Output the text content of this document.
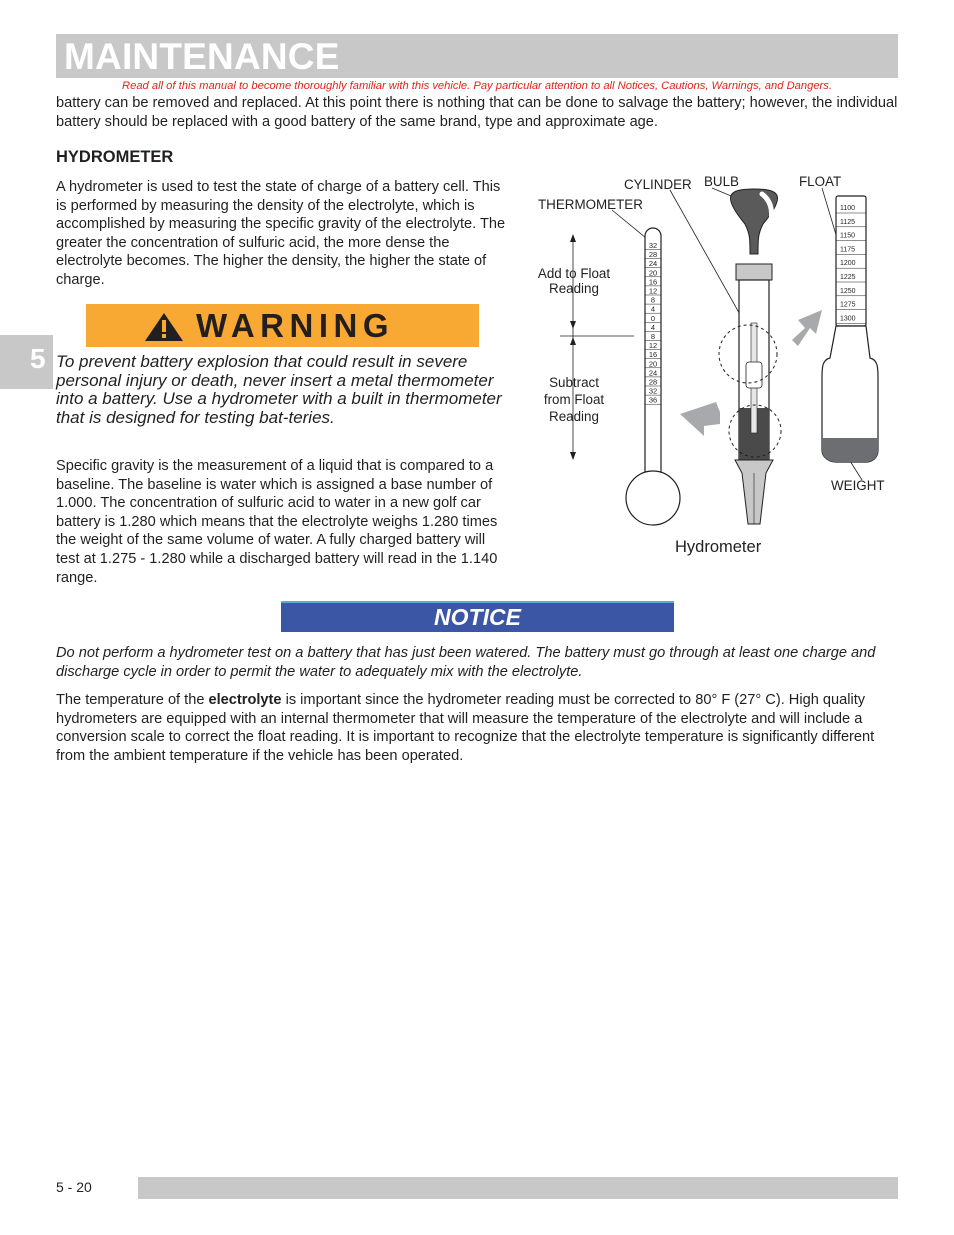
MAINTENANCE
Read all of this manual to become thoroughly familiar with this vehicle. Pay particular attention to all Notices, Cautions, Warnings, and Dangers.
battery can be removed and replaced. At this point there is nothing that can be done to salvage the battery; however, the individual battery should be replaced with a good battery of the same brand, type and approximate age.
HYDROMETER
A hydrometer is used to test the state of charge of a battery cell. This is performed by measuring the density of the electrolyte, which is accomplished by measuring the specific gravity of the electrolyte. The greater the concentration of sulfuric acid, the more dense the electrolyte becomes. The higher the density, the higher the state of charge.
5
WARNING
To prevent battery explosion that could result in severe personal injury or death, never insert a metal thermometer into a battery. Use a hydrometer with a built in thermometer that is designed for testing bat-teries.
Specific gravity is the measurement of a liquid that is compared to a baseline. The baseline is water which is assigned a base number of 1.000. The concentration of sulfuric acid to water in a new golf car battery is 1.280 which means that the electrolyte weighs 1.280 times the weight of the same volume of water. A fully charged battery will test at 1.275 - 1.280 while a discharged battery will read in the 1.140 range.
32
28
24
20
16
12
8
4
0
4
8
12
16
20
24
28
32
36
1100
1125
1150
1175
1200
1225
1250
1275
1300
CYLINDER BULB	FLOAT
THERMOMETER
Add to Float
Reading
Subtract
from Float
Reading
WEIGHT
Hydrometer
NOTICE
Do not perform a hydrometer test on a battery that has just been watered. The battery must go through at least one charge and discharge cycle in order to permit the water to adequately mix with the electrolyte.
The temperature of the electrolyte is important since the hydrometer reading must be corrected to 80° F (27° C). High quality hydrometers are equipped with an internal thermometer that will measure the temperature of the electrolyte and will include a conversion scale to correct the float reading. It is important to recognize that the electrolyte temperature is significantly different from the ambient temperature if the vehicle has been operated.
5 - 20
